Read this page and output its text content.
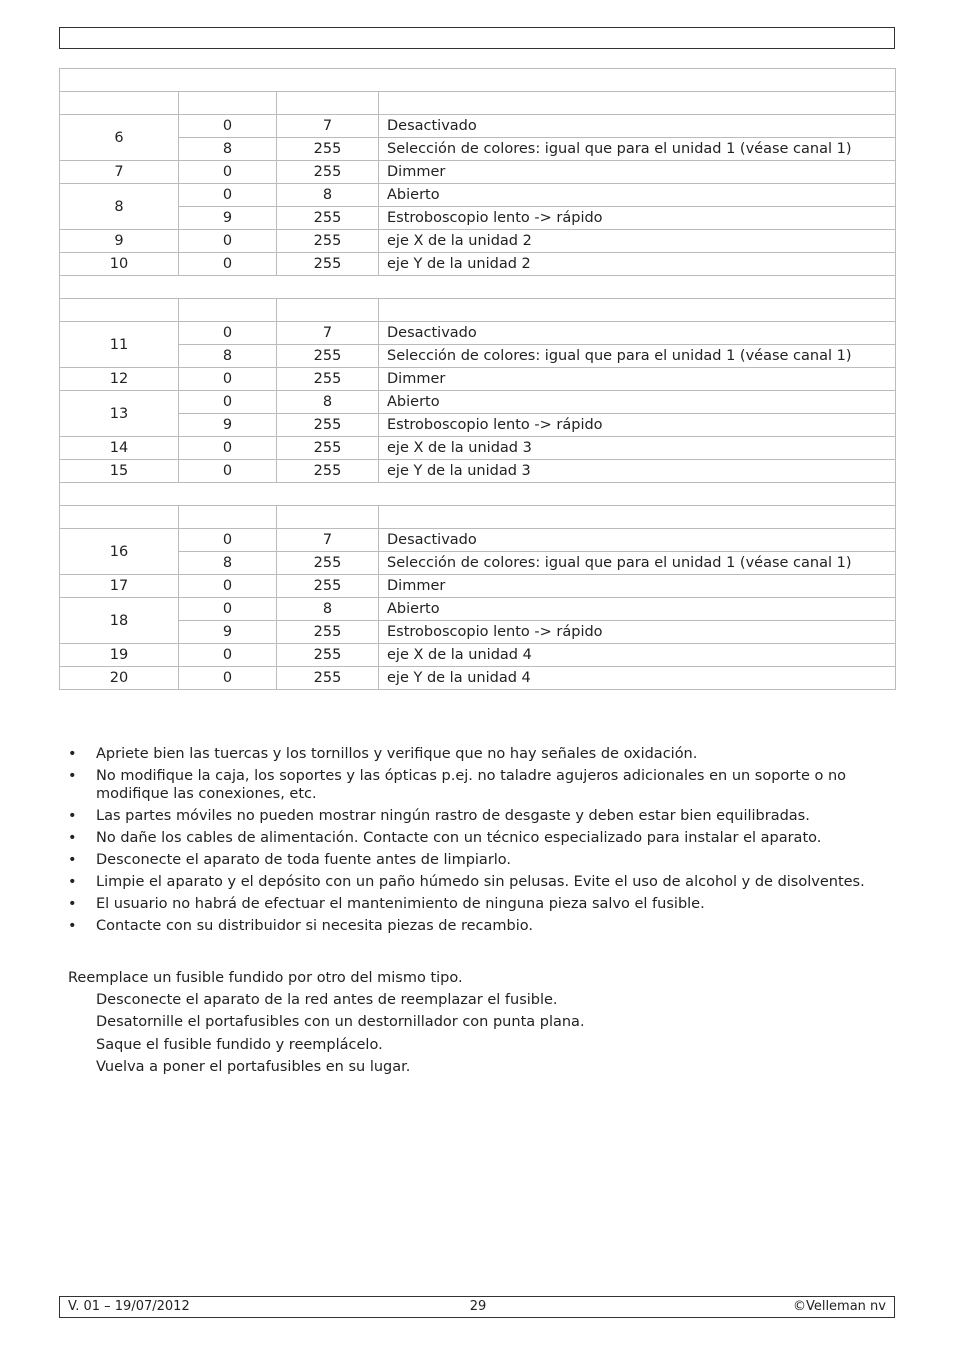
6	0	7	Desactivado
	8	255	Selección de colores: igual que para el unidad 1 (véase canal 1)
7	0	255	Dimmer
8	0	8	Abierto
	9	255	Estroboscopio lento -> rápido
9	0	255	eje X de la unidad 2
10	0	255	eje Y de la unidad 2

11	0	7	Desactivado
	8	255	Selección de colores: igual que para el unidad 1 (véase canal 1)
12	0	255	Dimmer
13	0	8	Abierto
	9	255	Estroboscopio lento -> rápido
14	0	255	eje X de la unidad 3
15	0	255	eje Y de la unidad 3

16	0	7	Desactivado
	8	255	Selección de colores: igual que para el unidad 1 (véase canal 1)
17	0	255	Dimmer
18	0	8	Abierto
	9	255	Estroboscopio lento -> rápido
19	0	255	eje X de la unidad 4
20	0	255	eje Y de la unidad 4
• Apriete bien las tuercas y los tornillos y verifique que no hay señales de oxidación.
• No modifique la caja, los soportes y las ópticas p.ej. no taladre agujeros adicionales en un soporte o no modifique las conexiones, etc.
• Las partes móviles no pueden mostrar ningún rastro de desgaste y deben estar bien equilibradas.
• No dañe los cables de alimentación. Contacte con un técnico especializado para instalar el aparato.
• Desconecte el aparato de toda fuente antes de limpiarlo.
• Limpie el aparato y el depósito con un paño húmedo sin pelusas. Evite el uso de alcohol y de disolventes.
• El usuario no habrá de efectuar el mantenimiento de ninguna pieza salvo el fusible.
• Contacte con su distribuidor si necesita piezas de recambio.
Reemplace un fusible fundido por otro del mismo tipo.
Desconecte el aparato de la red antes de reemplazar el fusible.
Desatornille el portafusibles con un destornillador con punta plana.
Saque el fusible fundido y reemplácelo.
Vuelva a poner el portafusibles en su lugar.
V. 01 – 19/07/2012	29	©Velleman nv
